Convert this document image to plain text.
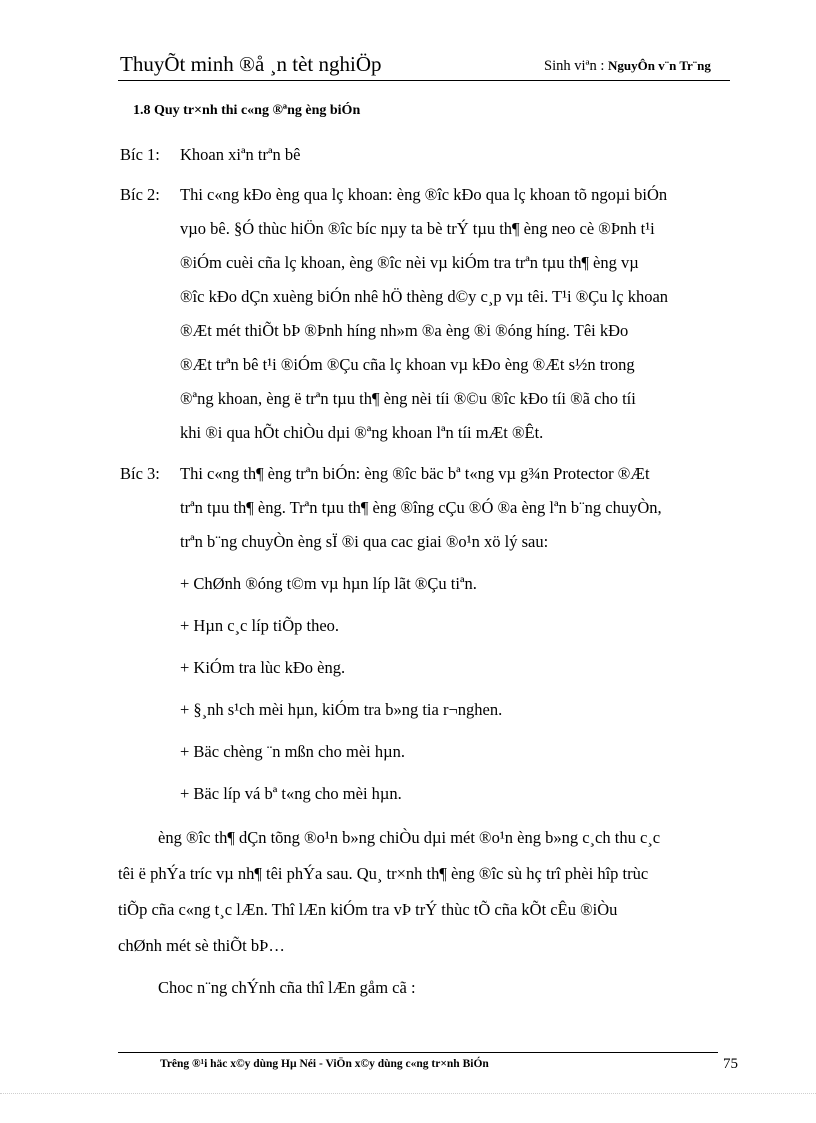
ThuyÕt minh ®å ¸n tèt nghiÖp	Sinh viªn : NguyÔn v¨n Tr¨ng
1.8 Quy tr×nh thi c«ng ®ªng èng biÓn
Bíc 1: Khoan xiªn trªn bê
Bíc 2: Thi c«ng kÐo èng qua lç khoan: èng ®îc kÐo qua lç khoan tõ ngoµi biÓn
vµo bê. §Ó thùc hiÖn ®îc bíc nµy ta bè trÝ tµu th¶ èng neo cè ®Þnh t¹i
®iÓm cuèi cña lç khoan, èng ®îc nèi vµ kiÓm tra trªn tµu th¶ èng vµ
®îc kÐo dÇn xuèng biÓn nhê hÖ thèng d©y c¸p vµ têi. T¹i ®Çu lç khoan
®Æt mét thiÕt bÞ ®Þnh híng nh»m ®a èng ®i ®óng híng. Têi kÐo
®Æt trªn bê t¹i ®iÓm ®Çu cña lç khoan vµ kÐo èng ®Æt s½n trong
®ªng khoan, èng ë trªn tµu th¶ èng nèi tíi ®©u ®îc kÐo tíi ®ã cho tíi
khi ®i qua hÕt chiÒu dµi ®ªng khoan lªn tíi mÆt ®Êt.
Bíc 3: Thi c«ng th¶ èng trªn biÓn: èng ®îc bäc bª t«ng vµ g¾n Protector ®Æt
trªn tµu th¶ èng. Trªn tµu th¶ èng ®îng cÇu ®Ó ®a èng lªn b¨ng chuyÒn,
trªn b¨ng chuyÒn èng sÏ ®i qua cac giai ®o¹n xö lý sau:
+ ChØnh ®óng t©m vµ hµn líp lãt ®Çu tiªn.
+ Hµn c¸c líp tiÕp theo.
+ KiÓm tra lùc kÐo èng.
+ §¸nh s¹ch mèi hµn, kiÓm tra b»ng tia r¬nghen.
+ Bäc chèng ¨n mßn cho mèi hµn.
+ Bäc líp vá bª t«ng cho mèi hµn.
èng ®îc th¶ dÇn tõng ®o¹n b»ng chiÒu dµi mét ®o¹n èng b»ng c¸ch thu c¸c
têi ë phÝa tríc vµ nh¶ têi phÝa sau. Qu¸ tr×nh th¶ èng ®îc sù hç trî phèi hîp trùc
tiÕp cña c«ng t¸c lÆn. Thî lÆn kiÓm tra vÞ trÝ thùc tÕ cña kÕt cÊu ®iÒu
chØnh mét sè thiÕt bÞ…
Choc n¨ng chÝnh cña thî lÆn gåm cã :
Trêng ®¹i häc x©y dùng Hµ Néi - ViÖn x©y dùng c«ng tr×nh BiÓn	75
